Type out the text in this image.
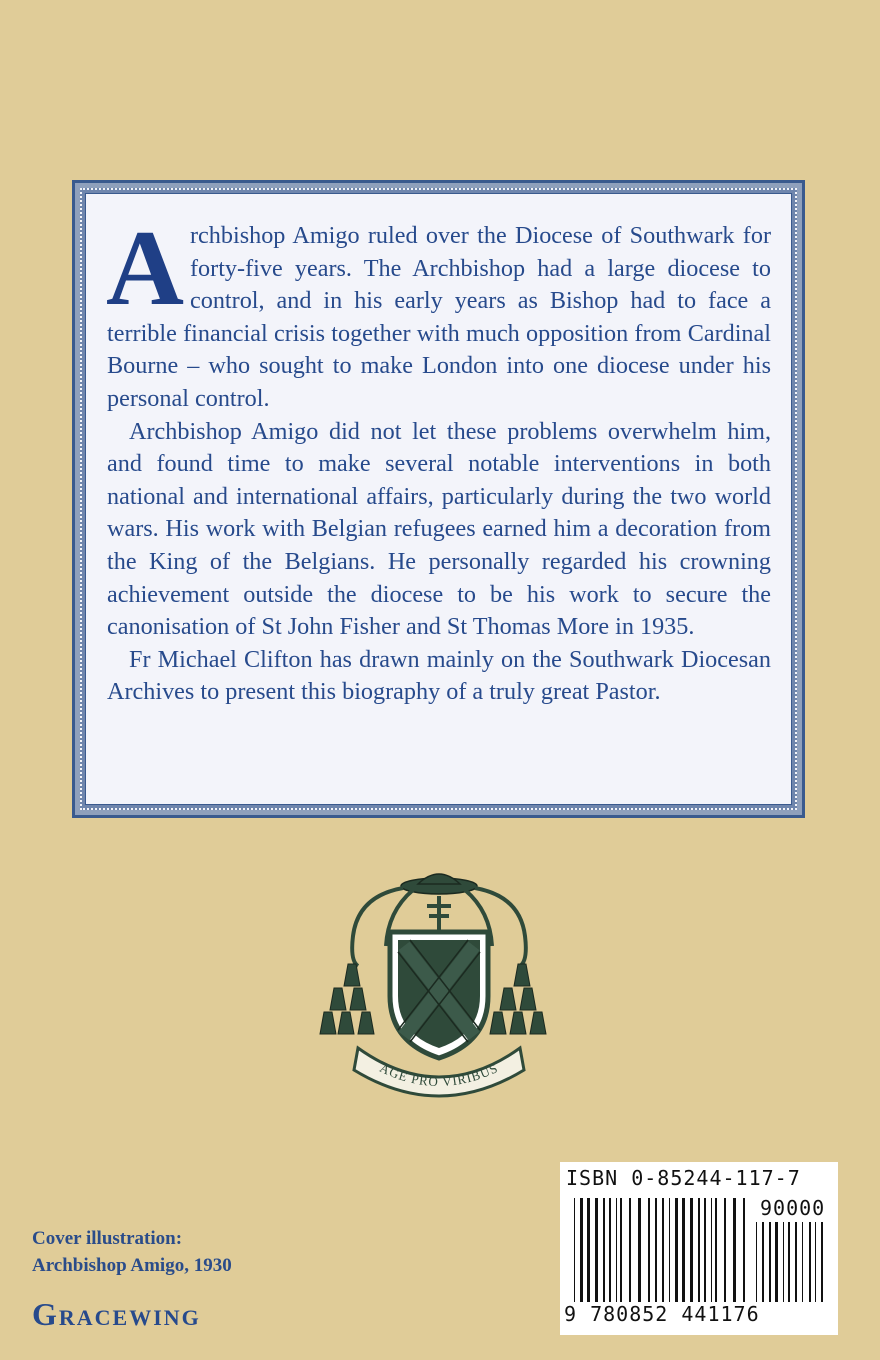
Archbishop Amigo ruled over the Diocese of Southwark for forty-five years. The Archbishop had a large diocese to control, and in his early years as Bishop had to face a terrible financial crisis together with much opposition from Cardinal Bourne – who sought to make London into one diocese under his personal control.

Archbishop Amigo did not let these problems overwhelm him, and found time to make several notable interventions in both national and international affairs, particularly during the two world wars. His work with Belgian refugees earned him a decoration from the King of the Belgians. He personally regarded his crowning achievement outside the diocese to be his work to secure the canonisation of St John Fisher and St Thomas More in 1935.

Fr Michael Clifton has drawn mainly on the Southwark Diocesan Archives to present this biography of a truly great Pastor.

AGE PRO VIRIBUS
Cover illustration:
Archbishop Amigo, 1930
Gracewing
ISBN 0-85244-117-7
90000
9 780852 441176
